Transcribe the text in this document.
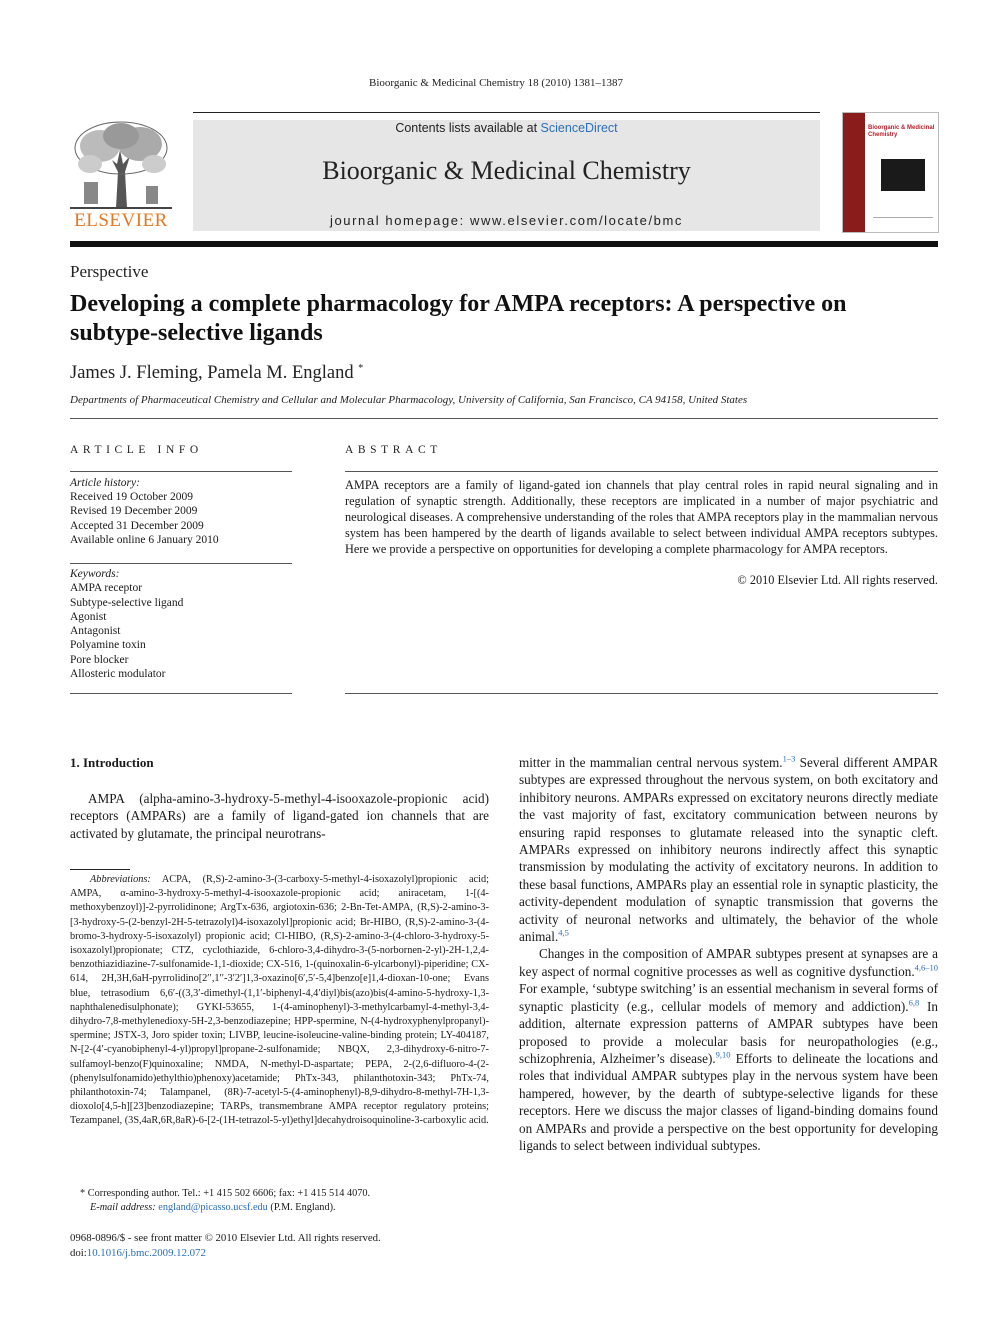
Bioorganic & Medicinal Chemistry 18 (2010) 1381–1387
ELSEVIER
Contents lists available at ScienceDirect
Bioorganic & Medicinal Chemistry
journal homepage: www.elsevier.com/locate/bmc
Bioorganic & Medicinal Chemistry
Perspective
Developing a complete pharmacology for AMPA receptors: A perspective on subtype-selective ligands
James J. Fleming, Pamela M. England *
Departments of Pharmaceutical Chemistry and Cellular and Molecular Pharmacology, University of California, San Francisco, CA 94158, United States
ARTICLE INFO	ABSTRACT
Article history:
Received 19 October 2009
Revised 19 December 2009
Accepted 31 December 2009
Available online 6 January 2010
Keywords:
AMPA receptor
Subtype-selective ligand
Agonist
Antagonist
Polyamine toxin
Pore blocker
Allosteric modulator
AMPA receptors are a family of ligand-gated ion channels that play central roles in rapid neural signaling and in regulation of synaptic strength. Additionally, these receptors are implicated in a number of major psychiatric and neurological diseases. A comprehensive understanding of the roles that AMPA receptors play in the mammalian nervous system has been hampered by the dearth of ligands available to select between individual AMPA receptors subtypes. Here we provide a perspective on opportunities for developing a complete pharmacology for AMPA receptors.
© 2010 Elsevier Ltd. All rights reserved.
1. Introduction
AMPA (alpha-amino-3-hydroxy-5-methyl-4-isooxazole-propionic acid) receptors (AMPARs) are a family of ligand-gated ion channels that are activated by glutamate, the principal neurotrans-
Abbreviations: ACPA, (R,S)-2-amino-3-(3-carboxy-5-methyl-4-isoxazolyl)propionic acid; AMPA, α-amino-3-hydroxy-5-methyl-4-isooxazole-propionic acid; aniracetam, 1-[(4-methoxybenzoyl)]-2-pyrrolidinone; ArgTx-636, argiotoxin-636; 2-Bn-Tet-AMPA, (R,S)-2-amino-3-[3-hydroxy-5-(2-benzyl-2H-5-tetrazolyl)4-isoxazolyl]propionic acid; Br-HIBO, (R,S)-2-amino-3-(4-bromo-3-hydroxy-5-isoxazolyl) propionic acid; Cl-HIBO, (R,S)-2-amino-3-(4-chloro-3-hydroxy-5-isoxazolyl)propionate; CTZ, cyclothiazide, 6-chloro-3,4-dihydro-3-(5-norbornen-2-yl)-2H-1,2,4-benzothiazidiazine-7-sulfonamide-1,1-dioxide; CX-516, 1-(quinoxalin-6-ylcarbonyl)-piperidine; CX-614, 2H,3H,6aH-pyrrolidino[2′′,1′′-3′2′]1,3-oxazino[6′,5′-5,4]benzo[e]1,4-dioxan-10-one; Evans blue, tetrasodium 6,6′-((3,3′-dimethyl-(1,1′-biphenyl-4,4′diyl)bis(azo)bis(4-amino-5-hydroxy-1,3-naphthalenedisulphonate); GYKI-53655, 1-(4-aminophenyl)-3-methylcarbamyl-4-methyl-3,4-dihydro-7,8-methylenedioxy-5H-2,3-benzodiazepine; HPP-spermine, N-(4-hydroxyphenylpropanyl)-spermine; JSTX-3, Joro spider toxin; LIVBP, leucine-isoleucine-valine-binding protein; LY-404187, N-[2-(4′-cyanobiphenyl-4-yl)propyl]propane-2-sulfonamide; NBQX, 2,3-dihydroxy-6-nitro-7-sulfamoyl-benzo(F)quinoxaline; NMDA, N-methyl-D-aspartate; PEPA, 2-(2,6-difluoro-4-(2-(phenylsulfonamido)ethylthio)phenoxy)acetamide; PhTx-343, philanthotoxin-343; PhTx-74, philanthotoxin-74; Talampanel, (8R)-7-acetyl-5-(4-aminophenyl)-8,9-dihydro-8-methyl-7H-1,3-dioxolo[4,5-h][23]benzodiazepine; TARPs, transmembrane AMPA receptor regulatory proteins; Tezampanel, (3S,4aR,6R,8aR)-6-[2-(1H-tetrazol-5-yl)ethyl]decahydroisoquinoline-3-carboxylic acid.
* Corresponding author. Tel.: +1 415 502 6606; fax: +1 415 514 4070.
E-mail address: england@picasso.ucsf.edu (P.M. England).
0968-0896/$ - see front matter © 2010 Elsevier Ltd. All rights reserved.
doi:10.1016/j.bmc.2009.12.072

mitter in the mammalian central nervous system.$^{1-3}$ Several different AMPAR subtypes are expressed throughout the nervous system, on both excitatory and inhibitory neurons. AMPARs expressed on excitatory neurons directly mediate the vast majority of fast, excitatory communication between neurons by ensuring rapid responses to glutamate released into the synaptic cleft. AMPARs expressed on inhibitory neurons indirectly affect this synaptic transmission by modulating the activity of excitatory neurons. In addition to these basal functions, AMPARs play an essential role in synaptic plasticity, the activity-dependent modulation of synaptic transmission that governs the activity of neuronal networks and ultimately, the behavior of the whole animal.$^{4,5}$

Changes in the composition of AMPAR subtypes present at synapses are a key aspect of normal cognitive processes as well as cognitive dysfunction.$^{4,6-10}$ For example, ‘subtype switching’ is an essential mechanism in several forms of synaptic plasticity (e.g., cellular models of memory and addiction).$^{6,8}$ In addition, alternate expression patterns of AMPAR subtypes have been proposed to provide a molecular basis for neuropathologies (e.g., schizophrenia, Alzheimer’s disease).$^{9,10}$ Efforts to delineate the locations and roles that individual AMPAR subtypes play in the nervous system have been hampered, however, by the dearth of subtype-selective ligands for these receptors. Here we discuss the major classes of ligand-binding domains found on AMPARs and provide a perspective on the best opportunity for developing ligands to select between individual subtypes.
